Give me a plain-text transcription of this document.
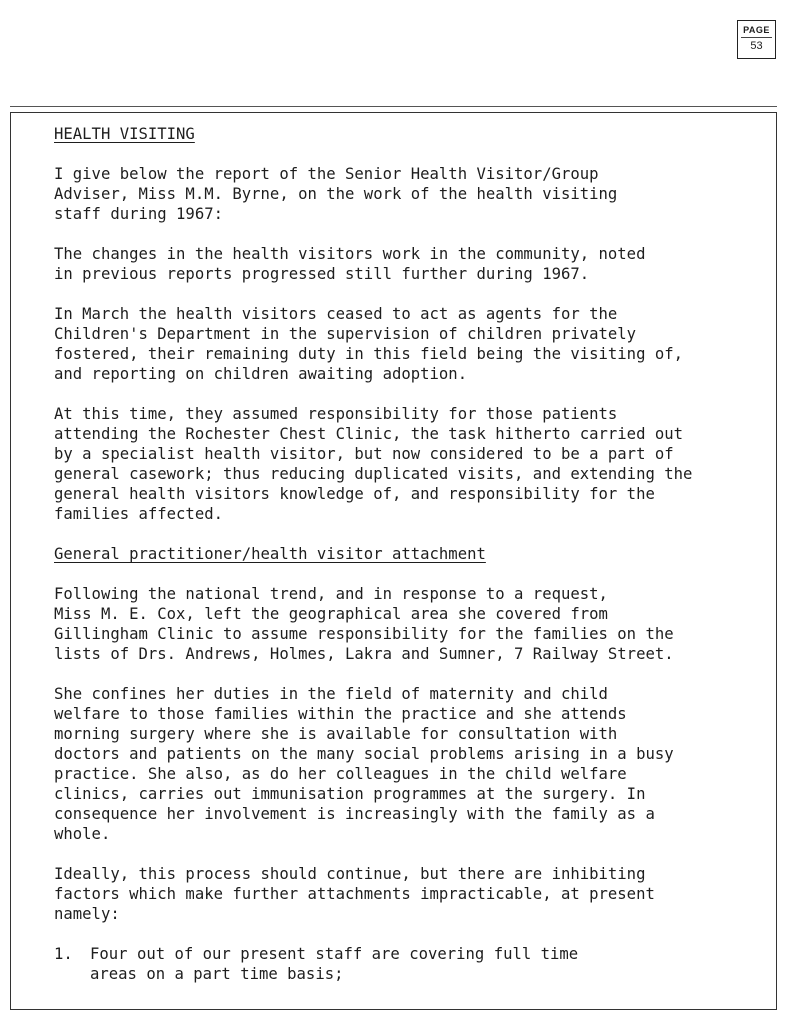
PAGE
53
HEALTH VISITING

I give below the report of the Senior Health Visitor/Group
Adviser, Miss M.M. Byrne, on the work of the health visiting
staff during 1967:

The changes in the health visitors work in the community, noted
in previous reports progressed still further during 1967.

In March the health visitors ceased to act as agents for the
Children's Department in the supervision of children privately
fostered, their remaining duty in this field being the visiting of,
and reporting on children awaiting adoption.

At this time, they assumed responsibility for those patients
attending the Rochester Chest Clinic, the task hitherto carried out
by a specialist health visitor, but now considered to be a part of
general casework; thus reducing duplicated visits, and extending the
general health visitors knowledge of, and responsibility for the
families affected.

General practitioner/health visitor attachment

Following the national trend, and in response to a request,
Miss M. E. Cox, left the geographical area she covered from
Gillingham Clinic to assume responsibility for the families on the
lists of Drs. Andrews, Holmes, Lakra and Sumner, 7 Railway Street.

She confines her duties in the field of maternity and child
welfare to those families within the practice and she attends
morning surgery where she is available for consultation with
doctors and patients on the many social problems arising in a busy
practice. She also, as do her colleagues in the child welfare
clinics, carries out immunisation programmes at the surgery. In
consequence her involvement is increasingly with the family as a
whole.

Ideally, this process should continue, but there are inhibiting
factors which make further attachments impracticable, at present
namely:

1.	Four out of our present staff are covering full time
areas on a part time basis;
